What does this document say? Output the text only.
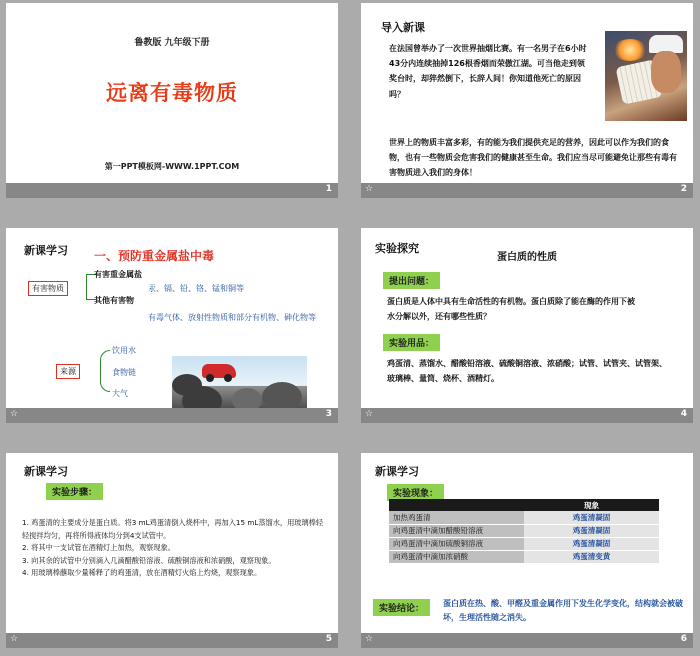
鲁教版 九年级下册
远离有毒物质
第一PPT模板网-WWW.1PPT.COM
1
导入新课
在法国曾举办了一次世界抽烟比赛。有一名男子在6小时43分内连续抽掉126根香烟而荣傲江湖。可当他走到领奖台时，却猝然倒下，长辞人间！你知道他死亡的原因吗？
世界上的物质丰富多彩，有的能为我们提供充足的营养，因此可以作为我们的食物，也有一些物质会危害我们的健康甚至生命。我们应当尽可能避免让那些有毒有害物质进入我们的身体！
☆	2
新课学习 一、预防重金属盐中毒
有害物质
有害重金属盐
汞、镉、铅、铬、锰和铜等
其他有害物
有毒气体、放射性物质和部分有机物、砷化物等
来源
饮用水
食物链
大气
☆	3
实验探究
蛋白质的性质
提出问题：
蛋白质是人体中具有生命活性的有机物。蛋白质除了能在酶的作用下被水分解以外，还有哪些性质？
实验用品：
鸡蛋清、蒸馏水、醋酸铅溶液、硫酸铜溶液、浓硝酸；试管、试管夹、试管架、玻璃棒、量筒、烧杯、酒精灯。
☆	4
新课学习
实验步骤：
1. 鸡蛋清的主要成分是蛋白质。将3 mL鸡蛋清倒入烧杯中，再加入15 mL蒸馏水，用玻璃棒轻轻搅拌均匀，再将所得液体均分到4支试管中。
2. 将其中一支试管在酒精灯上加热，观察现象。
3. 向其余的试管中分别滴入几滴醋酸铅溶液、硫酸铜溶液和浓硝酸，观察现象。
4. 用玻璃棒蘸取少量稀释了的鸡蛋清，放在酒精灯火焰上灼烧，观察现象。
☆	5
新课学习
实验现象：
	现象
加热鸡蛋清	鸡蛋清凝固
向鸡蛋清中滴加醋酸铅溶液	鸡蛋清凝固
向鸡蛋清中滴加硫酸铜溶液	鸡蛋清凝固
向鸡蛋清中滴加浓硝酸	鸡蛋清变黄
实验结论：
蛋白质在热、酸、甲醛及重金属作用下发生化学变化，结构就会被破坏，生理活性随之消失。
☆	6
